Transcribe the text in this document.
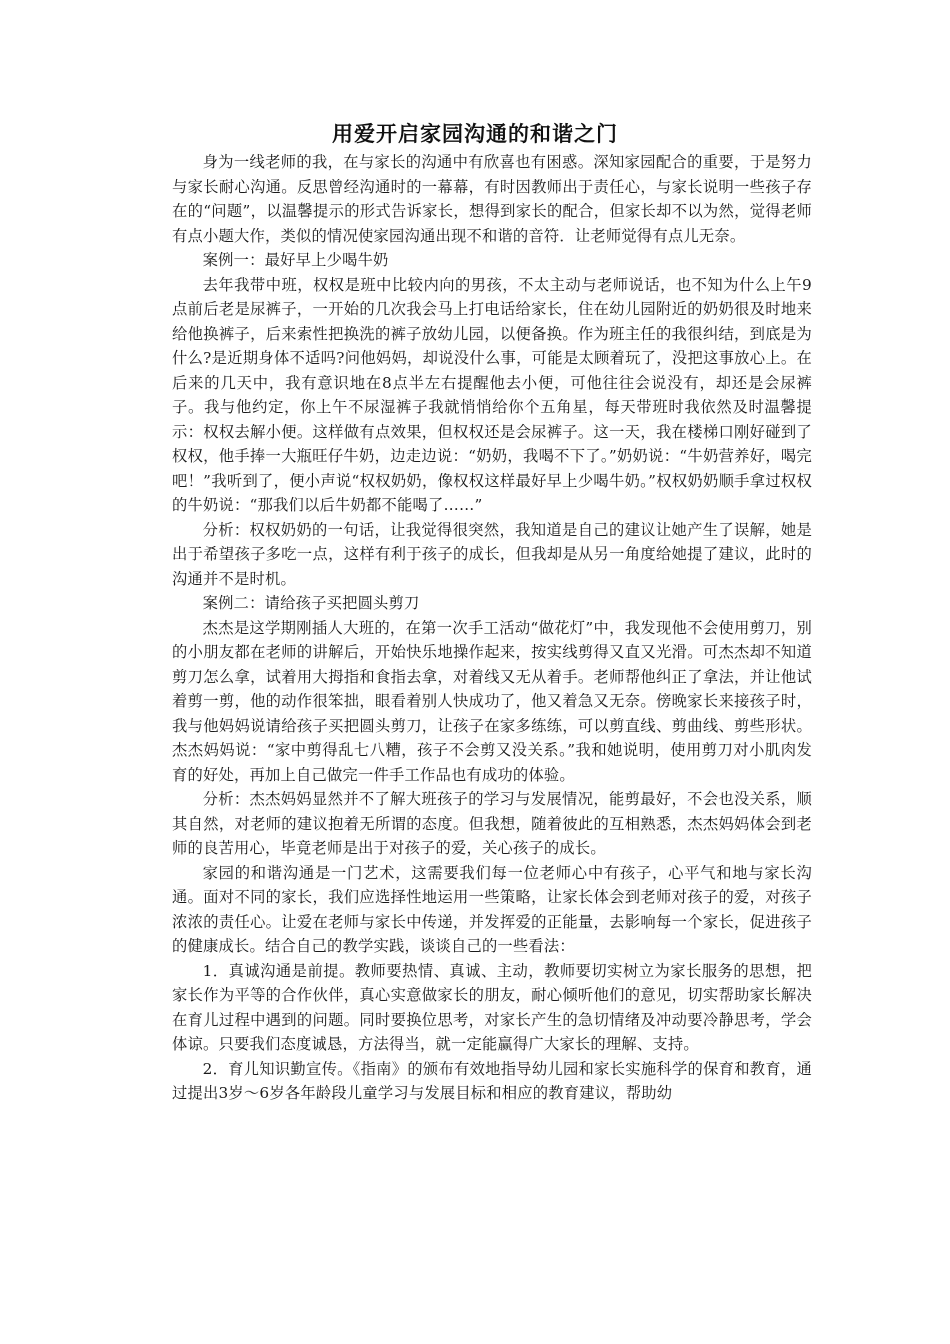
用爱开启家园沟通的和谐之门

身为一线老师的我，在与家长的沟通中有欣喜也有困惑。深知家园配合的重要，于是努力与家长耐心沟通。反思曾经沟通时的一幕幕，有时因教师出于责任心，与家长说明一些孩子存在的“问题”，以温馨提示的形式告诉家长，想得到家长的配合，但家长却不以为然，觉得老师有点小题大作，类似的情况使家园沟通出现不和谐的音符．让老师觉得有点儿无奈。

案例一：最好早上少喝牛奶

去年我带中班，权权是班中比较内向的男孩，不太主动与老师说话，也不知为什么上午9点前后老是尿裤子，一开始的几次我会马上打电话给家长，住在幼儿园附近的奶奶很及时地来给他换裤子，后来索性把换洗的裤子放幼儿园，以便备换。作为班主任的我很纠结，到底是为什么?是近期身体不适吗?问他妈妈，却说没什么事，可能是太顾着玩了，没把这事放心上。在后来的几天中，我有意识地在8点半左右提醒他去小便，可他往往会说没有，却还是会尿裤子。我与他约定，你上午不尿湿裤子我就悄悄给你个五角星，每天带班时我依然及时温馨提示：权权去解小便。这样做有点效果，但权权还是会尿裤子。这一天，我在楼梯口刚好碰到了权权，他手捧一大瓶旺仔牛奶，边走边说：“奶奶，我喝不下了。”奶奶说：“牛奶营养好，喝完吧！”我听到了，便小声说“权权奶奶，像权权这样最好早上少喝牛奶。”权权奶奶顺手拿过权权的牛奶说：“那我们以后牛奶都不能喝了……”

分析：权权奶奶的一句话，让我觉得很突然，我知道是自己的建议让她产生了误解，她是出于希望孩子多吃一点，这样有利于孩子的成长，但我却是从另一角度给她提了建议，此时的沟通并不是时机。

案例二：请给孩子买把圆头剪刀

杰杰是这学期刚插人大班的，在第一次手工活动“做花灯”中，我发现他不会使用剪刀，别的小朋友都在老师的讲解后，开始快乐地操作起来，按实线剪得又直又光滑。可杰杰却不知道剪刀怎么拿，试着用大拇指和食指去拿，对着线又无从着手。老师帮他纠正了拿法，并让他试着剪一剪，他的动作很笨拙，眼看着别人快成功了，他又着急又无奈。傍晚家长来接孩子时，我与他妈妈说请给孩子买把圆头剪刀，让孩子在家多练练，可以剪直线、剪曲线、剪些形状。杰杰妈妈说：“家中剪得乱七八糟，孩子不会剪又没关系。”我和她说明，使用剪刀对小肌肉发育的好处，再加上自己做完一件手工作品也有成功的体验。

分析：杰杰妈妈显然并不了解大班孩子的学习与发展情况，能剪最好，不会也没关系，顺其自然，对老师的建议抱着无所谓的态度。但我想，随着彼此的互相熟悉，杰杰妈妈体会到老师的良苦用心，毕竟老师是出于对孩子的爱，关心孩子的成长。

家园的和谐沟通是一门艺术，这需要我们每一位老师心中有孩子，心平气和地与家长沟通。面对不同的家长，我们应选择性地运用一些策略，让家长体会到老师对孩子的爱，对孩子浓浓的责任心。让爱在老师与家长中传递，并发挥爱的正能量，去影响每一个家长，促进孩子的健康成长。结合自己的教学实践，谈谈自己的一些看法：

1．真诚沟通是前提。教师要热情、真诚、主动，教师要切实树立为家长服务的思想，把家长作为平等的合作伙伴，真心实意做家长的朋友，耐心倾听他们的意见，切实帮助家长解决在育儿过程中遇到的问题。同时要换位思考，对家长产生的急切情绪及冲动要冷静思考，学会体谅。只要我们态度诚恳，方法得当，就一定能赢得广大家长的理解、支持。

2．育儿知识勤宣传。《指南》的颁布有效地指导幼儿园和家长实施科学的保育和教育，通过提出3岁～6岁各年龄段儿童学习与发展目标和相应的教育建议，帮助幼
